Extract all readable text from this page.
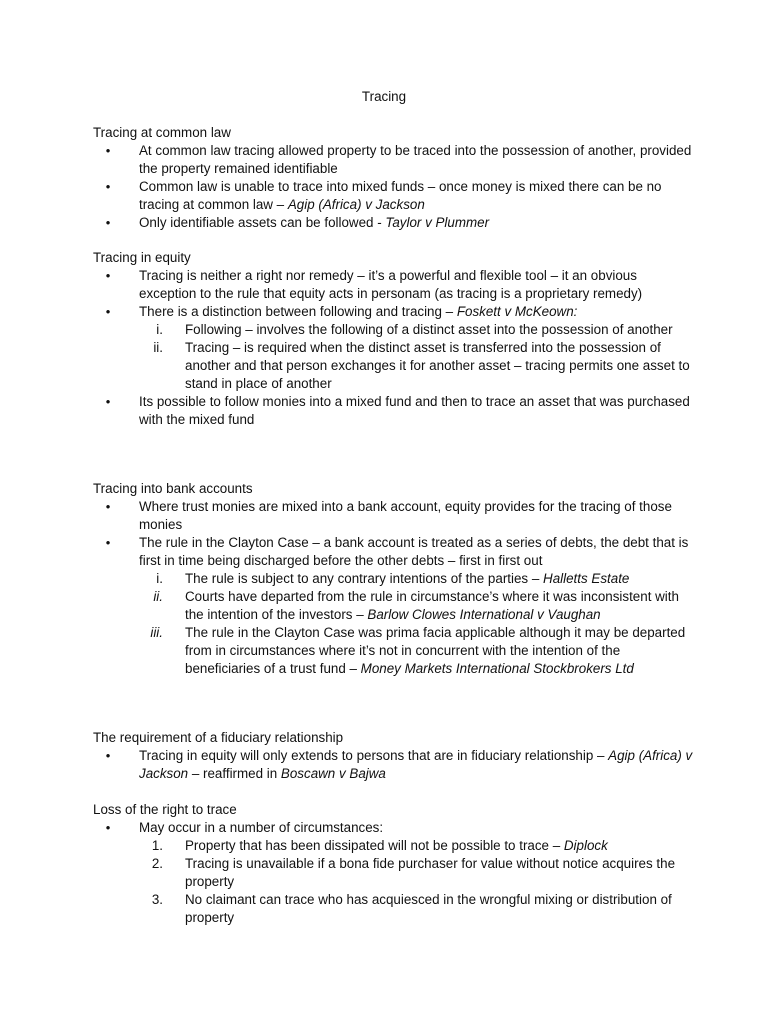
Tracing
Tracing at common law
•	At common law tracing allowed property to be traced into the possession of another, provided the property remained identifiable
•	Common law is unable to trace into mixed funds – once money is mixed there can be no tracing at common law – Agip (Africa) v Jackson
•	Only identifiable assets can be followed - Taylor v Plummer
Tracing in equity
•	Tracing is neither a right nor remedy – it’s a powerful and flexible tool – it an obvious exception to the rule that equity acts in personam (as tracing is a proprietary remedy)
•	There is a distinction between following and tracing – Foskett v McKeown:
i. Following – involves the following of a distinct asset into the possession of another
ii. Tracing – is required when the distinct asset is transferred into the possession of another and that person exchanges it for another asset – tracing permits one asset to stand in place of another
•	Its possible to follow monies into a mixed fund and then to trace an asset that was purchased with the mixed fund
Tracing into bank accounts
•	Where trust monies are mixed into a bank account, equity provides for the tracing of those monies
•	The rule in the Clayton Case – a bank account is treated as a series of debts, the debt that is first in time being discharged before the other debts – first in first out
i. The rule is subject to any contrary intentions of the parties – Halletts Estate
ii. Courts have departed from the rule in circumstance’s where it was inconsistent with the intention of the investors – Barlow Clowes International v Vaughan
iii. The rule in the Clayton Case was prima facia applicable although it may be departed from in circumstances where it’s not in concurrent with the intention of the beneficiaries of a trust fund – Money Markets International Stockbrokers Ltd
The requirement of a fiduciary relationship
•	Tracing in equity will only extends to persons that are in fiduciary relationship – Agip (Africa) v Jackson – reaffirmed in Boscawn v Bajwa
Loss of the right to trace
•	May occur in a number of circumstances:
1. Property that has been dissipated will not be possible to trace – Diplock
2. Tracing is unavailable if a bona fide purchaser for value without notice acquires the property
3. No claimant can trace who has acquiesced in the wrongful mixing or distribution of property
